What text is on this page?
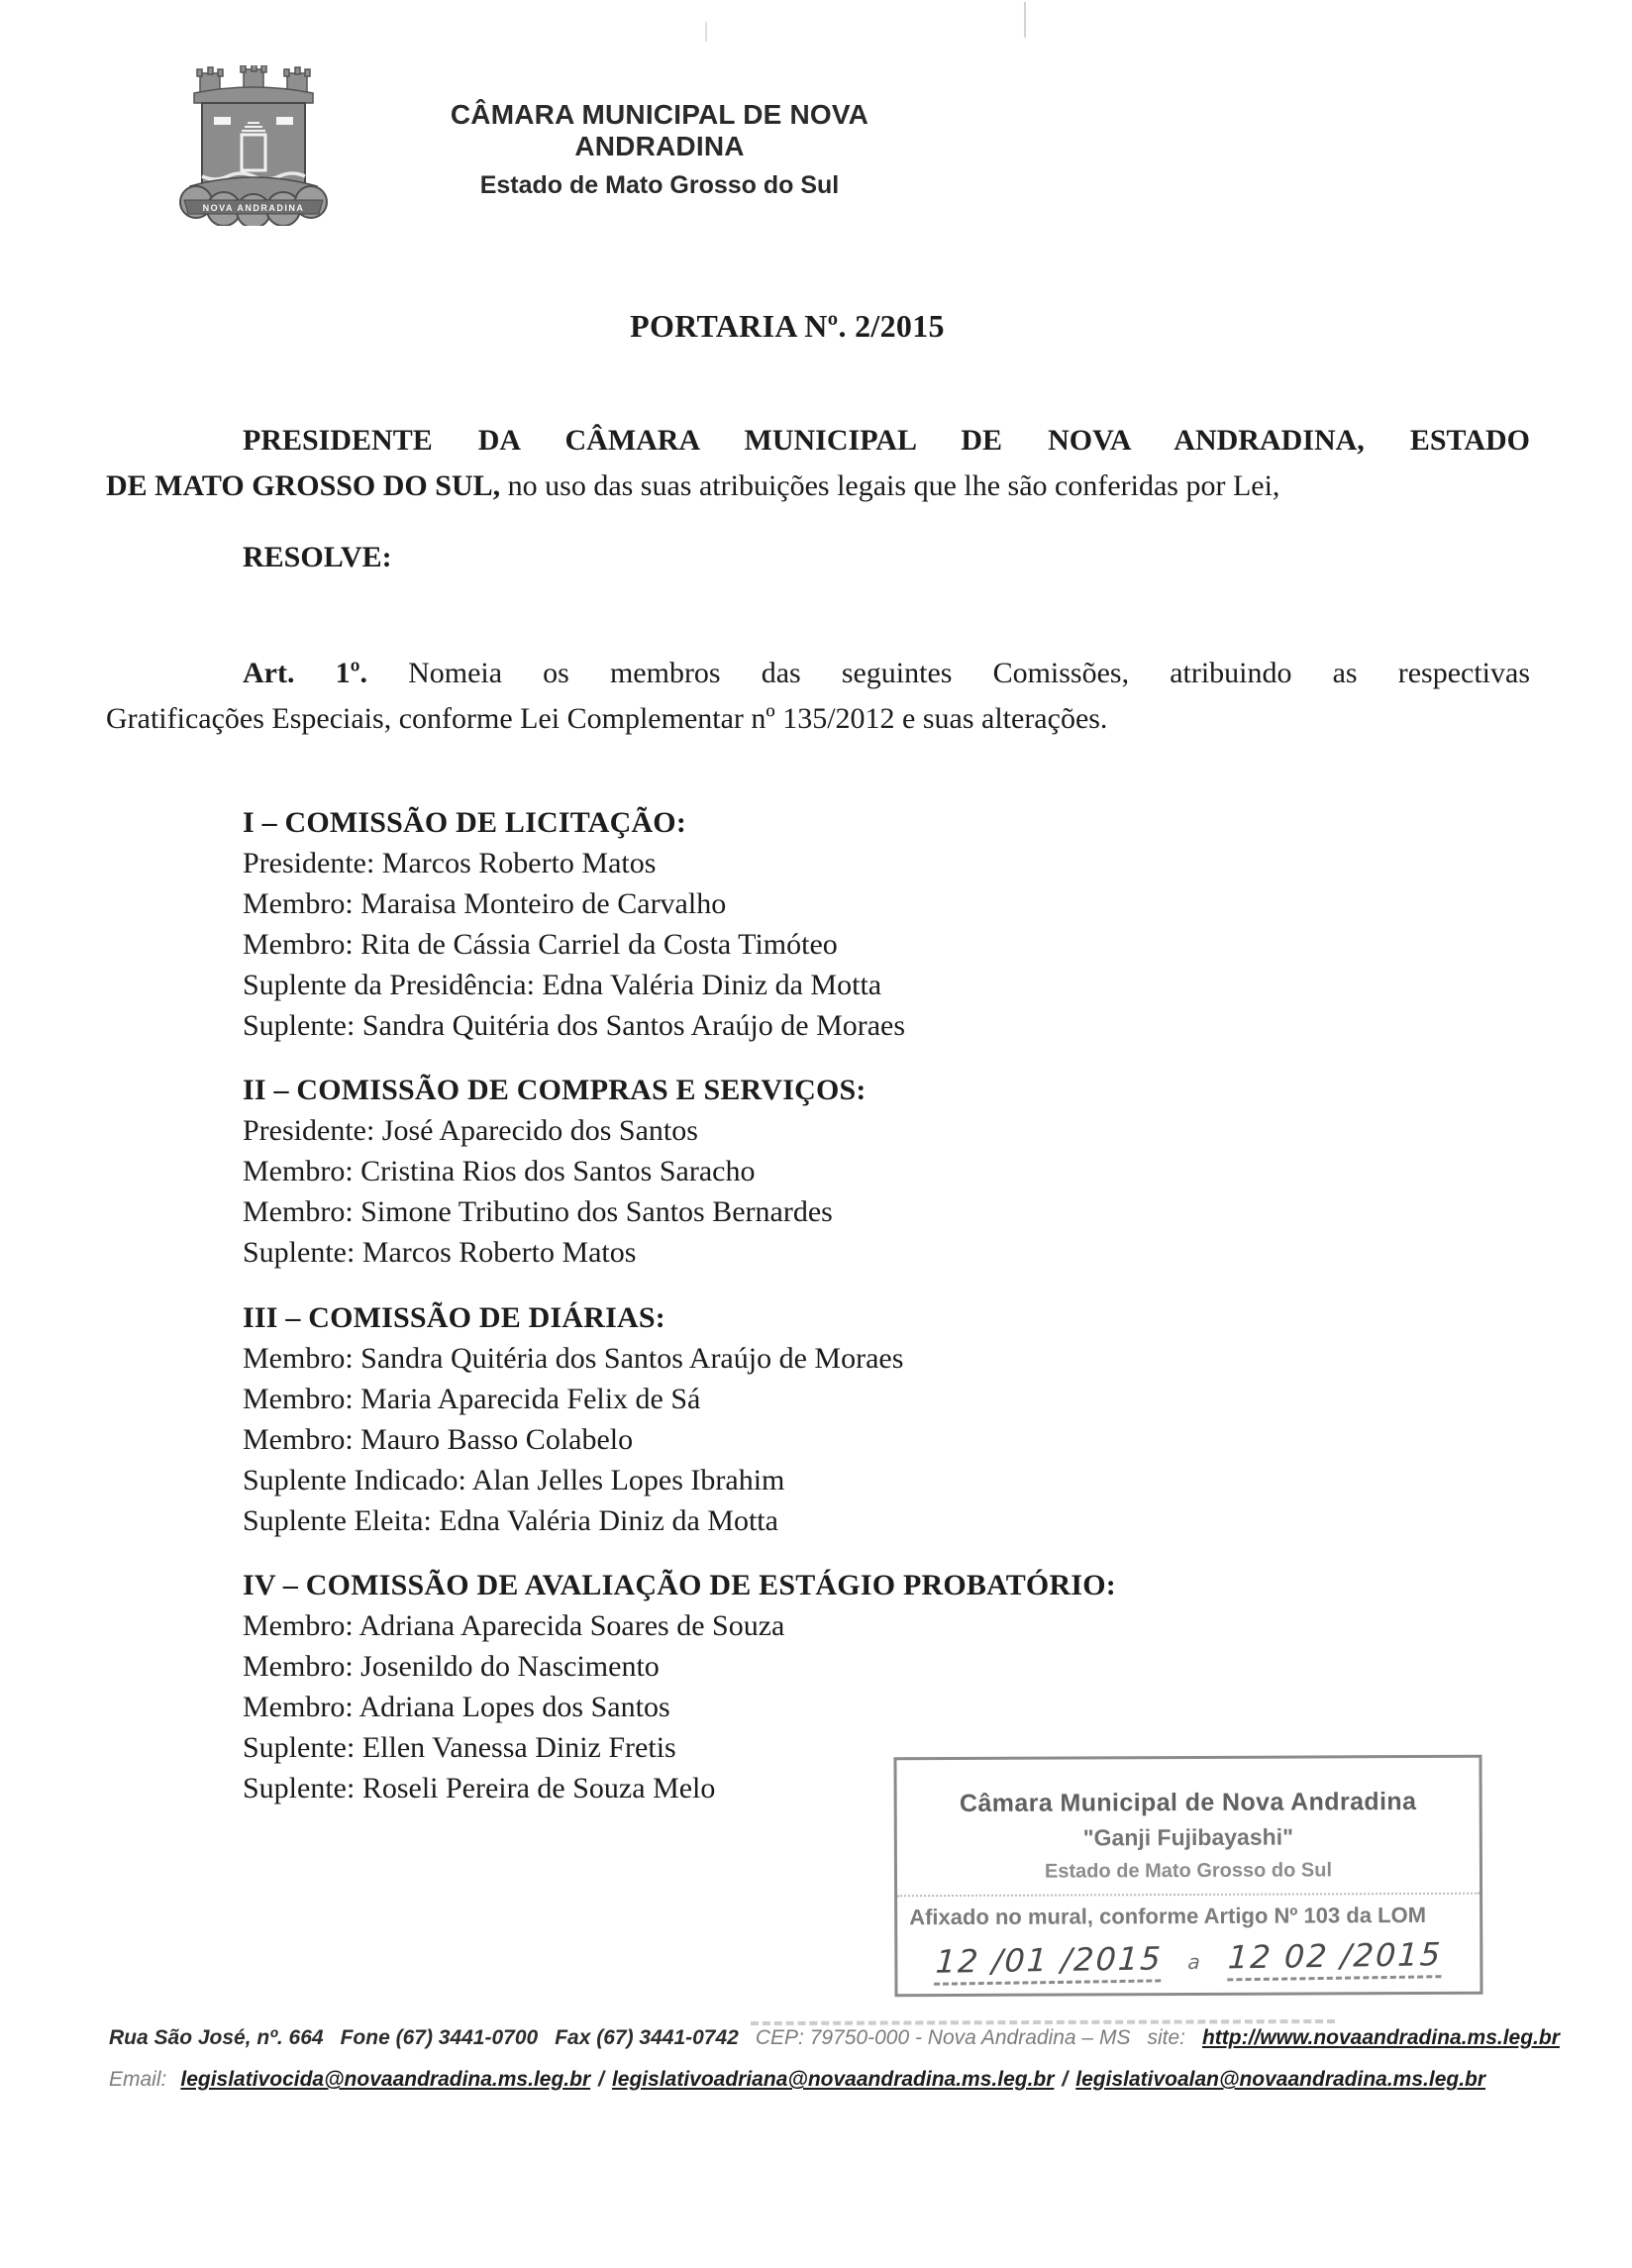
NOVA ANDRADINA
CÂMARA MUNICIPAL DE NOVA ANDRADINA
Estado de Mato Grosso do Sul
PORTARIA Nº. 2/2015
PRESIDENTE DA CÂMARA MUNICIPAL DE NOVA ANDRADINA, ESTADO
DE MATO GROSSO DO SUL, no uso das suas atribuições legais que lhe são conferidas por Lei,
RESOLVE:
Art. 1º. Nomeia os membros das seguintes Comissões, atribuindo as respectivas
Gratificações Especiais, conforme Lei Complementar nº 135/2012 e suas alterações.
I – COMISSÃO DE LICITAÇÃO:
Presidente: Marcos Roberto Matos
Membro: Maraisa Monteiro de Carvalho
Membro: Rita de Cássia Carriel da Costa Timóteo
Suplente da Presidência: Edna Valéria Diniz da Motta
Suplente: Sandra Quitéria dos Santos Araújo de Moraes
II – COMISSÃO DE COMPRAS E SERVIÇOS:
Presidente: José Aparecido dos Santos
Membro: Cristina Rios dos Santos Saracho
Membro: Simone Tributino dos Santos Bernardes
Suplente: Marcos Roberto Matos
III – COMISSÃO DE DIÁRIAS:
Membro: Sandra Quitéria dos Santos Araújo de Moraes
Membro: Maria Aparecida Felix de Sá
Membro: Mauro Basso Colabelo
Suplente Indicado: Alan Jelles Lopes Ibrahim
Suplente Eleita: Edna Valéria Diniz da Motta
IV – COMISSÃO DE AVALIAÇÃO DE ESTÁGIO PROBATÓRIO:
Membro: Adriana Aparecida Soares de Souza
Membro: Josenildo do Nascimento
Membro: Adriana Lopes dos Santos
Suplente: Ellen Vanessa Diniz Fretis
Suplente: Roseli Pereira de Souza Melo	Câmara Municipal de Nova Andradina
"Ganji Fujibayashi"
Estado de Mato Grosso do Sul
Afixado no mural, conforme Artigo Nº 103 da LOM
12 /01 /2015 a 12 02 /2015
Rua São José, nº. 664 Fone (67) 3441-0700 Fax (67) 3441-0742 CEP: 79750-000 - Nova Andradina – MS site: http://www.novaandradina.ms.leg.br
Email: legislativocida@novaandradina.ms.leg.br / legislativoadriana@novaandradina.ms.leg.br / legislativoalan@novaandradina.ms.leg.br
